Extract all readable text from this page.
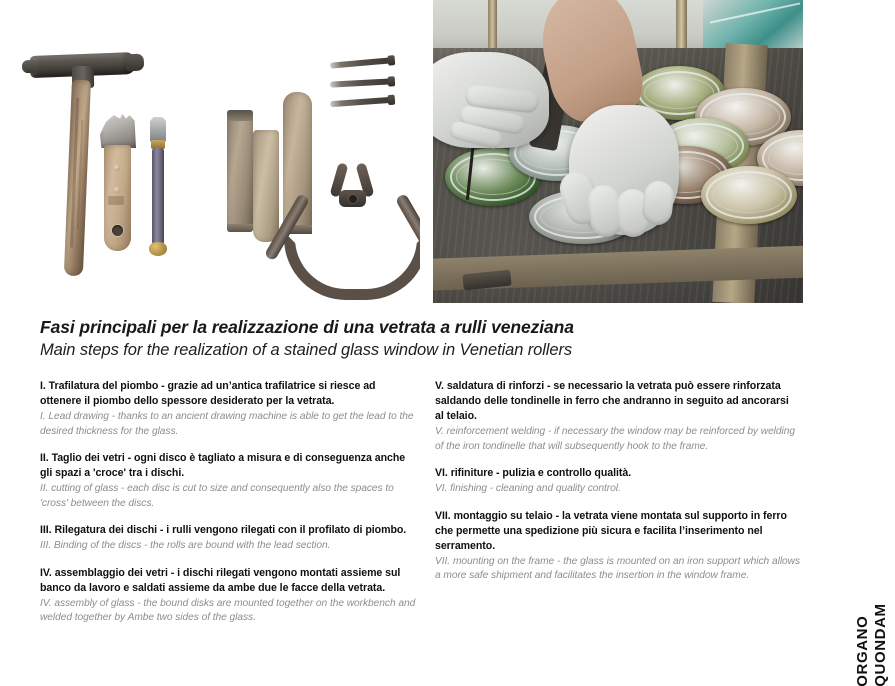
Fasi principali per la realizzazione di una vetrata a rulli veneziana
Main steps for the realization of a stained glass window in Venetian rollers

I. Trafilatura del piombo - grazie ad un’antica trafilatrice si riesce ad ottenere il piombo dello spessore desiderato per la vetrata.

I. Lead drawing - thanks to an ancient drawing machine is able to get the lead to the desired thickness for the glass.

II. Taglio dei vetri - ogni disco è tagliato a misura e di conseguenza anche gli spazi a 'croce' tra i dischi.

II. cutting of glass - each disc is cut to size and consequently also the spaces to 'cross' between the discs.

III. Rilegatura dei dischi - i rulli vengono rilegati con il profilato di piombo.

III. Binding of the discs - the rolls are bound with the lead section.

IV. assemblaggio dei vetri - i dischi rilegati vengono montati assieme sul banco da lavoro e saldati assieme da ambe due le facce della vetrata.

IV. assembly of glass - the bound disks are mounted together on the workbench and welded together by Ambe two sides of the glass.

V. saldatura di rinforzi - se necessario la vetrata può essere rinforzata saldando delle tondinelle in ferro che andranno in seguito ad ancorarsi al telaio.

V. reinforcement welding - if necessary the window may be reinforced by welding of the iron tondinelle that will subsequently hook to the frame.

VI. rifiniture - pulizia e controllo qualità.

VI. finishing - cleaning and quality control.

VII. montaggio su telaio - la vetrata viene montata sul supporto in ferro che permette una spedizione più sicura e facilita l’inserimento nel serramento.

VII. mounting on the frame - the glass is mounted on an iron support which allows a more safe shipment and facilitates the insertion in the window frame.

ORGANO QUONDAM
